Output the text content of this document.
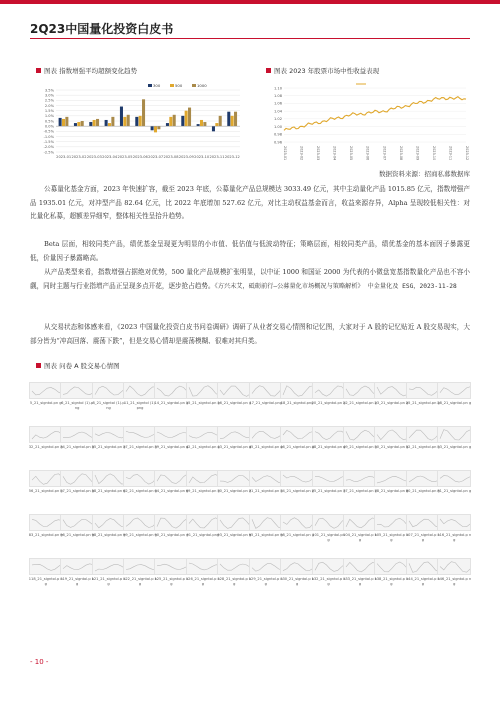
2Q23中国量化投资白皮书
图表 指数增强平均超额变化趋势
3.5%
3.0%
2.5%
2.0%
1.5%
1.0%
0.5%
0.0%
-0.5%
-1.0%
-1.5%
-2.0%
-2.5%
2023-01 2023-02 2023-03 2023-04 2023-05 2023-06 2023-07 2023-08 2023-09 2023-10 2023-11 2023-12
300	500	1000
图表 2023 年股票市场中性收益表现
1.10
1.08
1.06
1.04
1.02
1.00
0.98
0.96
2023-01	2023-02	2023-03	2023-04	2023-05	2023-06	2023-07	2023-08	2023-09	2023-10	2023-11	2023-12
数据资料来源：招商私募数据库
公募量化基金方面，2023 年快速扩容，截至 2023 年底，公募量化产品总规模达 3033.49 亿元，其中主动量化产品 1015.85 亿元，指数增强产品 1935.01 亿元，对冲型产品 82.64 亿元，比 2022 年底增加 527.62 亿元，对比主动权益基金而言，收益来源存异，Alpha 呈现较低相关性：对比量化私募，超额差异细窄，整体相关性呈拾升趋势。
Beta 层面，相较同类产品，绩优基金呈现更为明显的小市值、低估值与低波动特征；策略层面，相较同类产品，绩优基金的基本面因子暴露更低，价量因子暴露略高。
从产品类型来看，指数增强占据绝对优势，500 量化产品规模扩张明显，以中证 1000 和国证 2000 为代表的小微盘宽基指数量化产品也不容小觑，同时主题与行业指增产品正呈现多点开花，逐步抢占趋势。《方兴未艾，砥砺前行—公募量化市场概况与策略解析》 中金量化及 ESG，2023-11-28
从交易状态和体感来看，《2023 中国量化投资白皮书问卷调研》调研了从业者交易心情图和记忆图，大家对于 A 股的记忆贴近 A 股交易现实，大部分皆为“冲高回落、震荡下跌”，但是交易心情却是震荡模糊、很难对其归类。
图表 问卷 A 股交易心情图
5_21_signtol.pn g 6_21_signtol (1).png
8_21_signtol (1).png
11_21_signtol (1).png
14_21_signtol.pn g
15_21_signtol.pn g
16_21_signtol.pn g
17_21_signtol.png
18_21_signtol.png
20_21_signtol.pn g
22_21_signtol.pn g
23_21_signtol.pn g
25_21_signtol.pn g
28_21_signtol.pn g
32_21_signtol.pn g
34_21_signtol.pn g
35_21_signtol.pn g
37_21_signtol.pn g
39_21_signtol.pn g
42_21_signtol.pn g
43_21_signtol.pn g
45_21_signtol.pn g
46_21_signtol.pn g
48_21_signtol.pn g
49_21_signtol.pn g
50_21_signtol.pn g
52_21_signtol.pn g
53_21_signtol.pn g
56_21_signtol.pn g
57_21_signtol.pn g
58_21_signtol.pn g
62_21_signtol.pn g
64_21_signtol.pn g
69_21_signtol.pn g
70_21_signtol.pn g
71_21_signtol.pn g
74_21_signtol.pn g
75_21_signtol.pn g
77_21_signtol.pn g
78_21_signtol.pn g
80_21_signtol.pn g
81_21_signtol.pn g
83_21_signtol.pn g
96_21_signtol.pn g
98_21_signtol.pn g
99_21_signtol.pn g
90_21_signtol.pn g
91_21_signtol.png
93_21_signtol.pn g
95_21_signtol.pn g
98_21_signtol.pn g
101_21_signtol.png
104_21_signtol.p ng
105_21_signtol.p ng
107_21_signtol.p ng
116_21_signtol.p ng
118_21_signtol.p ng
119_21_signtol.p ng
121_21_signtol.p ng
122_21_signtol.p ng
125_21_signtol.p ng
126_21_signtol.p ng
128_21_signtol.p ng
129_21_signtol.p ng
130_21_signtol.p ng
132_21_signtol.p ng
133_21_signtol.p ng
138_21_signtol.p ng
144_21_signtol.p ng
146_21_signtol.p ng

- 10 -
